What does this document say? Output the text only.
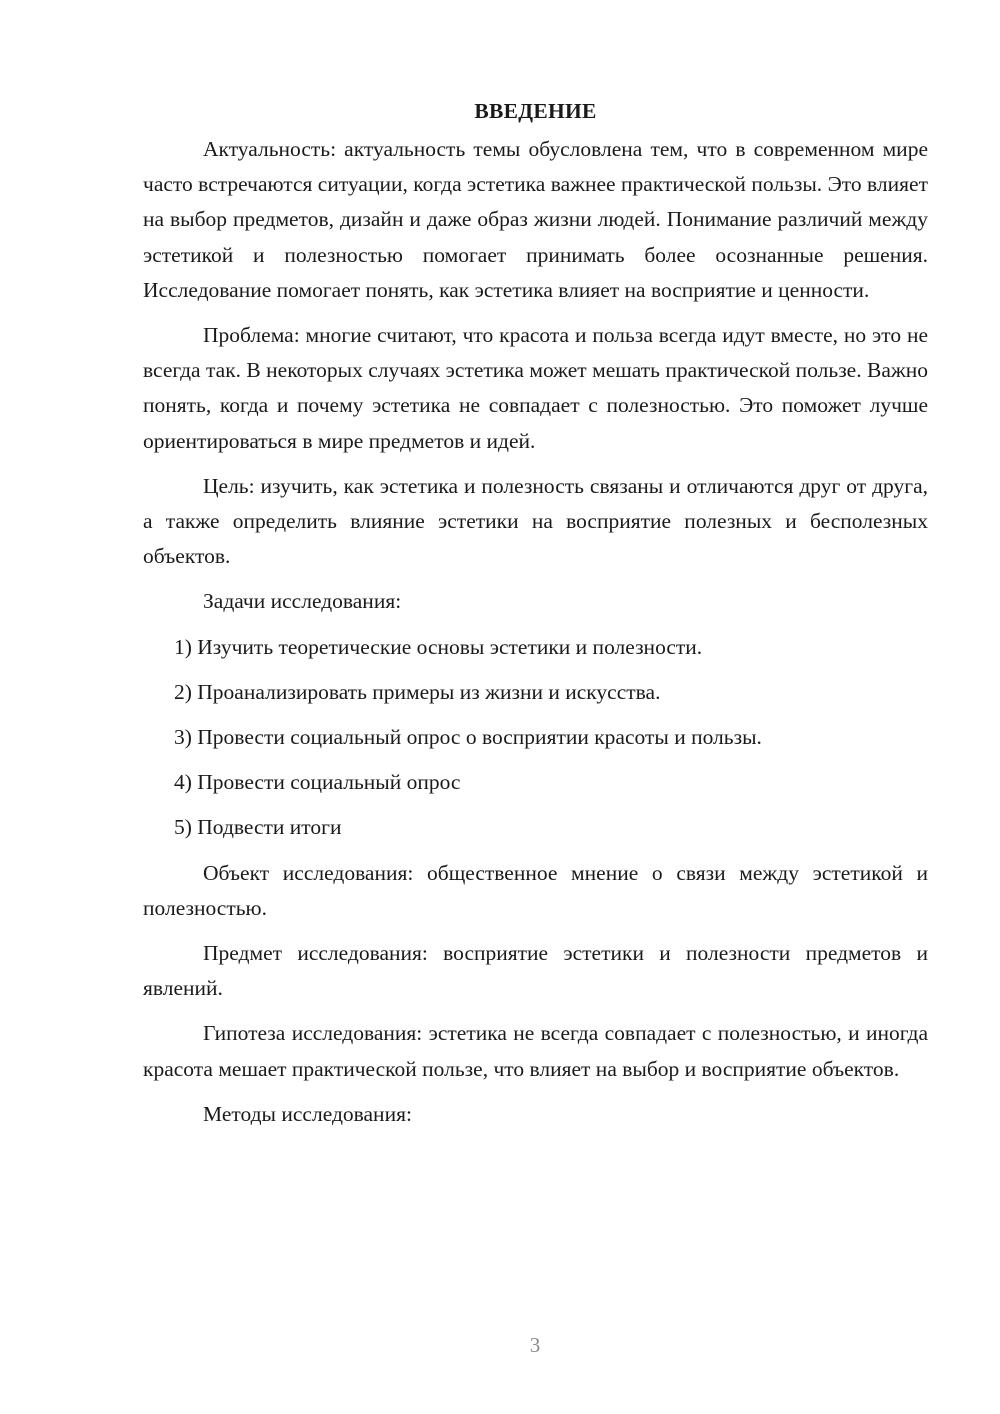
ВВЕДЕНИЕ

Актуальность: актуальность темы обусловлена тем, что в современном мире часто встречаются ситуации, когда эстетика важнее практической пользы. Это влияет на выбор предметов, дизайн и даже образ жизни людей. Понимание различий между эстетикой и полезностью помогает принимать более осознанные решения. Исследование помогает понять, как эстетика влияет на восприятие и ценности.

Проблема: многие считают, что красота и польза всегда идут вместе, но это не всегда так. В некоторых случаях эстетика может мешать практической пользе. Важно понять, когда и почему эстетика не совпадает с полезностью. Это поможет лучше ориентироваться в мире предметов и идей.

Цель: изучить, как эстетика и полезность связаны и отличаются друг от друга, а также определить влияние эстетики на восприятие полезных и бесполезных объектов.

Задачи исследования:

1) Изучить теоретические основы эстетики и полезности.
2) Проанализировать примеры из жизни и искусства.
3) Провести социальный опрос о восприятии красоты и пользы.
4) Провести социальный опрос
5) Подвести итоги

Объект исследования: общественное мнение о связи между эстетикой и полезностью.

Предмет исследования: восприятие эстетики и полезности предметов и явлений.

Гипотеза исследования: эстетика не всегда совпадает с полезностью, и иногда красота мешает практической пользе, что влияет на выбор и восприятие объектов.

Методы исследования:

3
